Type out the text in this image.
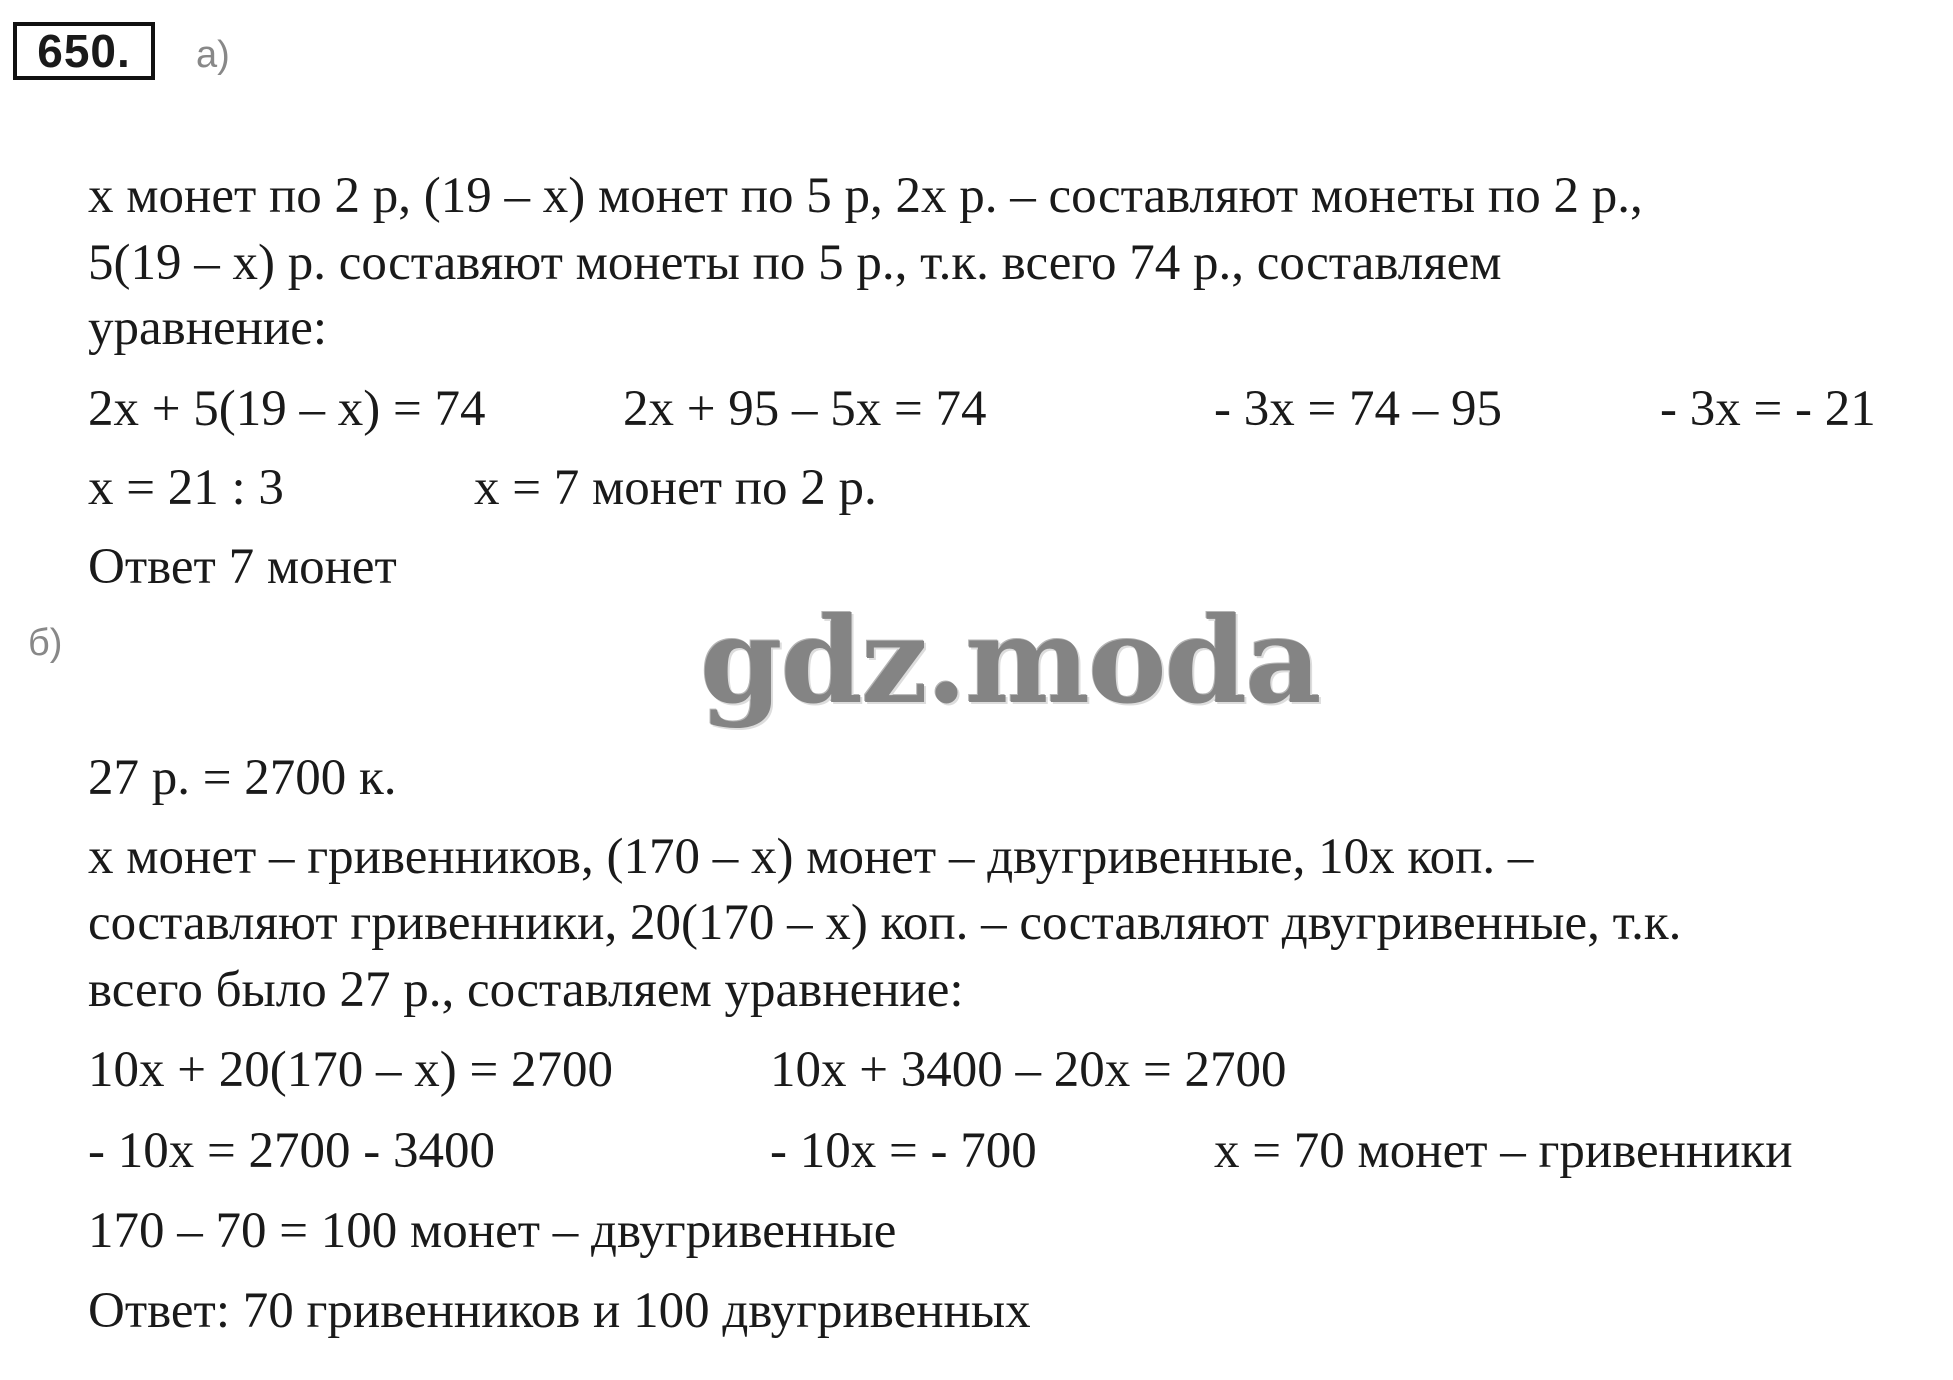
650.	а)
х монет по 2 р, (19 – х) монет по 5 р, 2х р. – составляют монеты по 2 р.,
5(19 – х) р. составяют монеты по 5 р., т.к. всего 74 р., составляем
уравнение:
2х + 5(19 – х) = 74	2х + 95 – 5х = 74	- 3х = 74 – 95	- 3х = - 21
х = 21 : 3	х = 7 монет по 2 р.
Ответ 7 монет
б)	gdz.moda
27 р. = 2700 к.
х монет – гривенников, (170 – х) монет – двугривенные, 10х коп. –
составляют гривенники, 20(170 – х) коп. – составляют двугривенные, т.к.
всего было 27 р., составляем уравнение:
10х + 20(170 – х) = 2700	10х + 3400 – 20х = 2700
- 10х = 2700 - 3400	- 10х = - 700	х = 70 монет – гривенники
170 – 70 = 100 монет – двугривенные
Ответ: 70 гривенников и 100 двугривенных
